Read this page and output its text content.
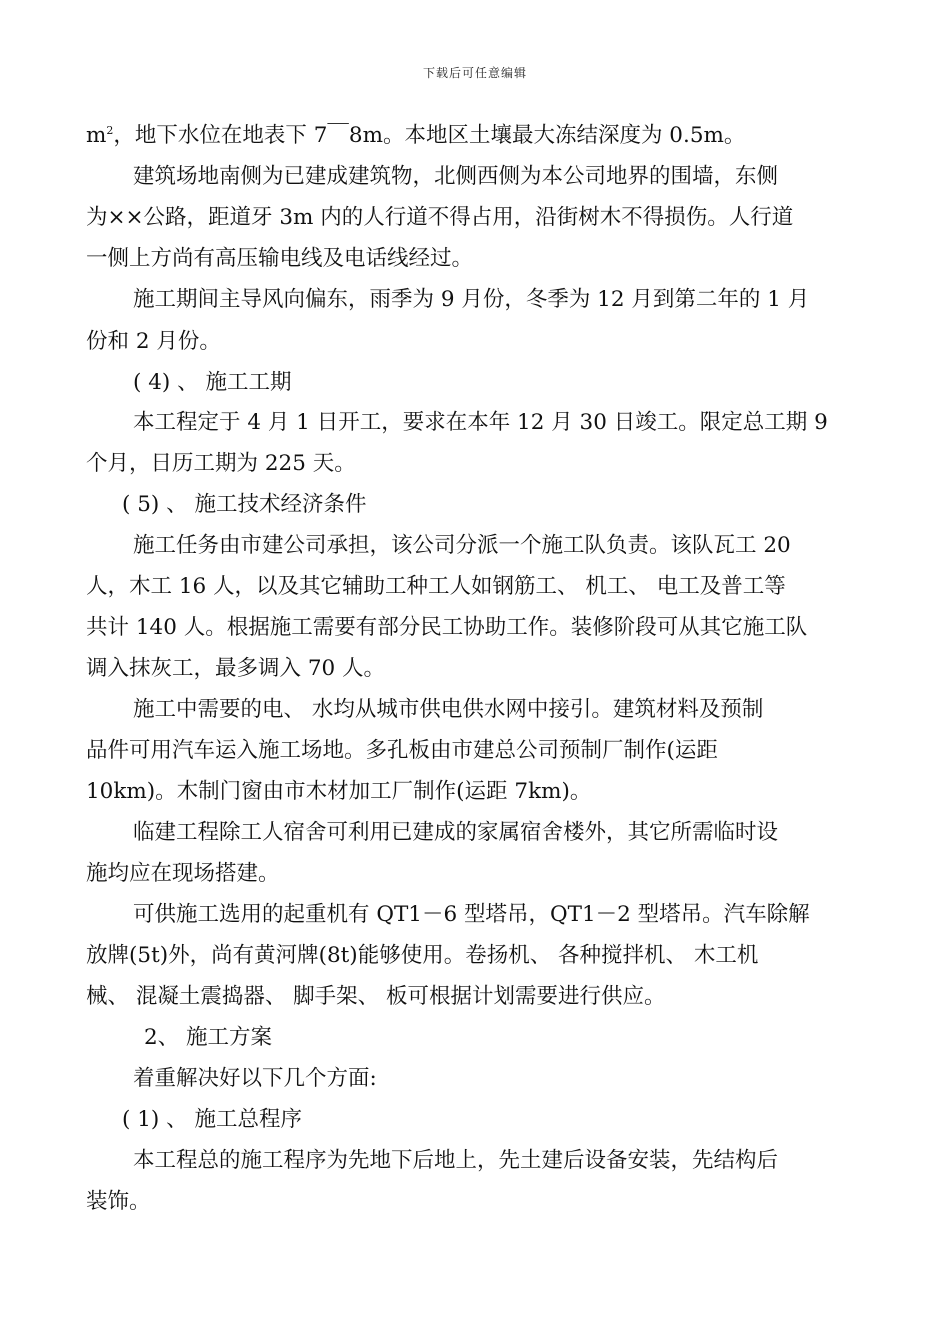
下载后可任意编辑
$m^2$，地下水位在地表下 7￣8m。本地区土壤最大冻结深度为 0.5m。
建筑场地南侧为已建成建筑物，北侧西侧为本公司地界的围墙，东侧
为××公路，距道牙 3m 内的人行道不得占用，沿街树木不得损伤。人行道
一侧上方尚有高压输电线及电话线经过。
施工期间主导风向偏东，雨季为 9 月份，冬季为 12 月到第二年的 1 月
份和 2 月份。
( 4) 、 施工工期
本工程定于 4 月 1 日开工，要求在本年 12 月 30 日竣工。限定总工期 9
个月，日历工期为 225 天。
( 5) 、 施工技术经济条件
施工任务由市建公司承担，该公司分派一个施工队负责。该队瓦工 20
人，木工 16 人，以及其它辅助工种工人如钢筋工、 机工、 电工及普工等
共计 140 人。根据施工需要有部分民工协助工作。装修阶段可从其它施工队
调入抹灰工，最多调入 70 人。
施工中需要的电、 水均从城市供电供水网中接引。建筑材料及预制
品件可用汽车运入施工场地。多孔板由市建总公司预制厂制作(运距
10km)。木制门窗由市木材加工厂制作(运距 7km)。
临建工程除工人宿舍可利用已建成的家属宿舍楼外，其它所需临时设
施均应在现场搭建。
可供施工选用的起重机有 QT1－6 型塔吊，QT1－2 型塔吊。汽车除解
放牌(5t)外，尚有黄河牌(8t)能够使用。卷扬机、 各种搅拌机、 木工机
械、 混凝土震捣器、 脚手架、 板可根据计划需要进行供应。
2、 施工方案
着重解决好以下几个方面:
( 1) 、 施工总程序
本工程总的施工程序为先地下后地上，先土建后设备安装，先结构后
装饰。
